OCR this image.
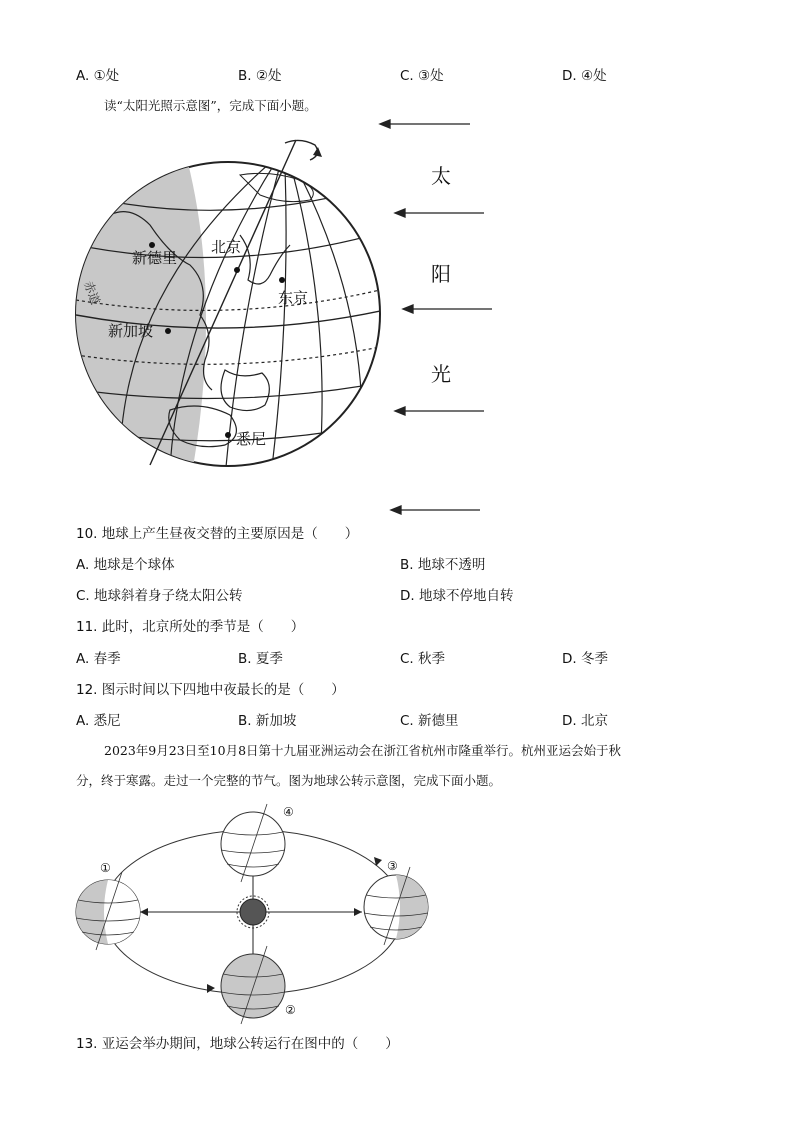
A. ①处	B. ②处	C. ③处	D. ④处
读“太阳光照示意图”，完成下面小题。
北京
东京
新德里
新加坡
悉尼
赤道
太
阳
光
10. 地球上产生昼夜交替的主要原因是（　　）
A. 地球是个球体	B. 地球不透明
C. 地球斜着身子绕太阳公转	D. 地球不停地自转
11. 此时，北京所处的季节是（　　）
A. 春季	B. 夏季	C. 秋季	D. 冬季
12. 图示时间以下四地中夜最长的是（　　）
A. 悉尼	B. 新加坡	C. 新德里	D. 北京
2023年9月23日至10月8日第十九届亚洲运动会在浙江省杭州市隆重举行。杭州亚运会始于秋
分，终于寒露。走过一个完整的节气。图为地球公转示意图，完成下面小题。
①
②
③
④
13. 亚运会举办期间，地球公转运行在图中的（　　）
